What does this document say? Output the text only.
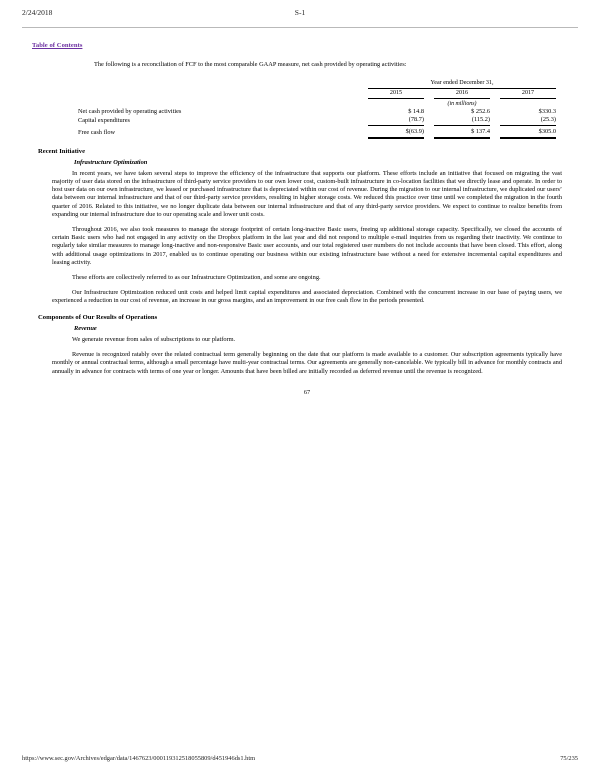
2/24/2018	S-1
Table of Contents

The following is a reconciliation of FCF to the most comparable GAAP measure, net cash provided by operating activities:

		Year ended December 31,				
		2015		2016		2017
		(in millions)				
Net cash provided by operating activities		$ 14.8		$ 252.6		$330.3
Capital expenditures		(78.7)		(115.2)		(25.3)

Free cash flow		$(63.9)		$ 137.4		$305.0
Recent Initiative
Infrastructure Optimization

In recent years, we have taken several steps to improve the efficiency of the infrastructure that supports our platform. These efforts include an initiative that focused on migrating the vast majority of user data stored on the infrastructure of third-party service providers to our own lower cost, custom-built infrastructure in co-location facilities that we directly lease and operate. In order to host user data on our own infrastructure, we leased or purchased infrastructure that is depreciated within our cost of revenue. During the migration to our internal infrastructure, we duplicated our users’ data between our internal infrastructure and that of our third-party service providers, resulting in higher storage costs. We reduced this practice over time until we completed the migration in the fourth quarter of 2016. Related to this initiative, we no longer duplicate data between our internal infrastructure and that of any third-party service providers. We expect to continue to realize benefits from expanding our internal infrastructure due to our operating scale and lower unit costs.

Throughout 2016, we also took measures to manage the storage footprint of certain long-inactive Basic users, freeing up additional storage capacity. Specifically, we closed the accounts of certain Basic users who had not engaged in any activity on the Dropbox platform in the last year and did not respond to multiple e-mail inquiries from us regarding their inactivity. We continue to regularly take similar measures to manage long-inactive and non-responsive Basic user accounts, and our total registered user numbers do not include accounts that have been closed. This effort, along with additional usage optimizations in 2017, enabled us to continue operating our business within our existing infrastructure base without a need for extensive incremental capital expenditures and leasing activity.

These efforts are collectively referred to as our Infrastructure Optimization, and some are ongoing.

Our Infrastructure Optimization reduced unit costs and helped limit capital expenditures and associated depreciation. Combined with the concurrent increase in our base of paying users, we experienced a reduction in our cost of revenue, an increase in our gross margins, and an improvement in our free cash flow in the periods presented.

Components of Our Results of Operations
Revenue

We generate revenue from sales of subscriptions to our platform.

Revenue is recognized ratably over the related contractual term generally beginning on the date that our platform is made available to a customer. Our subscription agreements typically have monthly or annual contractual terms, although a small percentage have multi-year contractual terms. Our agreements are generally non-cancelable. We typically bill in advance for monthly contracts and annually in advance for contracts with terms of one year or longer. Amounts that have been billed are initially recorded as deferred revenue until the revenue is recognized.

67
https://www.sec.gov/Archives/edgar/data/1467623/000119312518055809/d451946ds1.htm	75/235
